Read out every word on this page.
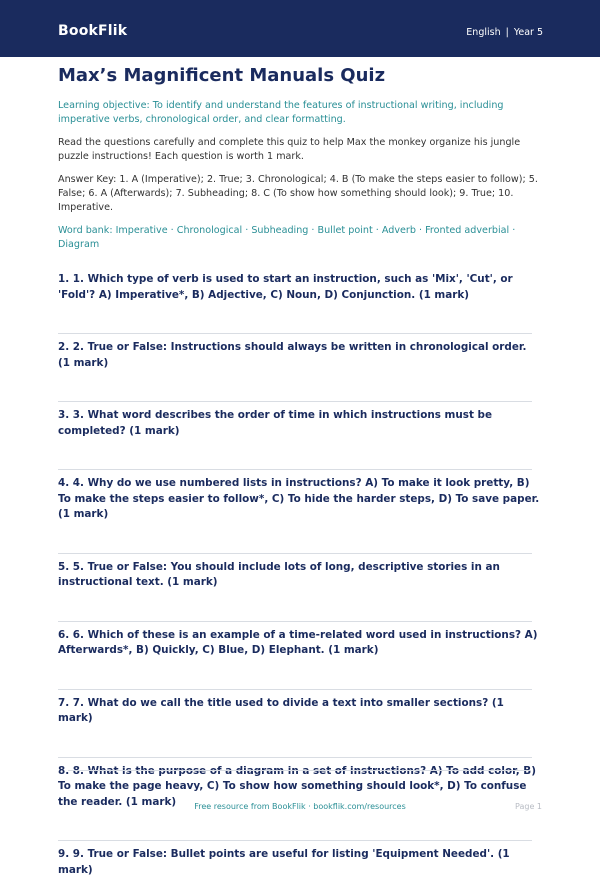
BookFlik	English | Year 5
Max’s Magnificent Manuals Quiz
Learning objective: To identify and understand the features of instructional writing, including imperative verbs, chronological order, and clear formatting.
Read the questions carefully and complete this quiz to help Max the monkey organize his jungle puzzle instructions! Each question is worth 1 mark.
Answer Key: 1. A (Imperative); 2. True; 3. Chronological; 4. B (To make the steps easier to follow); 5. False; 6. A (Afterwards); 7. Subheading; 8. C (To show how something should look); 9. True; 10. Imperative.
Word bank: Imperative · Chronological · Subheading · Bullet point · Adverb · Fronted adverbial · Diagram

1. 1. Which type of verb is used to start an instruction, such as 'Mix', 'Cut', or 'Fold'? A) Imperative*, B) Adjective, C) Noun, D) Conjunction. (1 mark)

2. 2. True or False: Instructions should always be written in chronological order. (1 mark)

3. 3. What word describes the order of time in which instructions must be completed? (1 mark)

4. 4. Why do we use numbered lists in instructions? A) To make it look pretty, B) To make the steps easier to follow*, C) To hide the harder steps, D) To save paper. (1 mark)

5. 5. True or False: You should include lots of long, descriptive stories in an instructional text. (1 mark)

6. 6. Which of these is an example of a time-related word used in instructions? A) Afterwards*, B) Quickly, C) Blue, D) Elephant. (1 mark)

7. 7. What do we call the title used to divide a text into smaller sections? (1 mark)

8. 8. What is the purpose of a diagram in a set of instructions? A) To add color, B) To make the page heavy, C) To show how something should look*, D) To confuse the reader. (1 mark)

9. 9. True or False: Bullet points are useful for listing 'Equipment Needed'. (1 mark)

Free resource from BookFlik · bookflik.com/resources	Page 1
